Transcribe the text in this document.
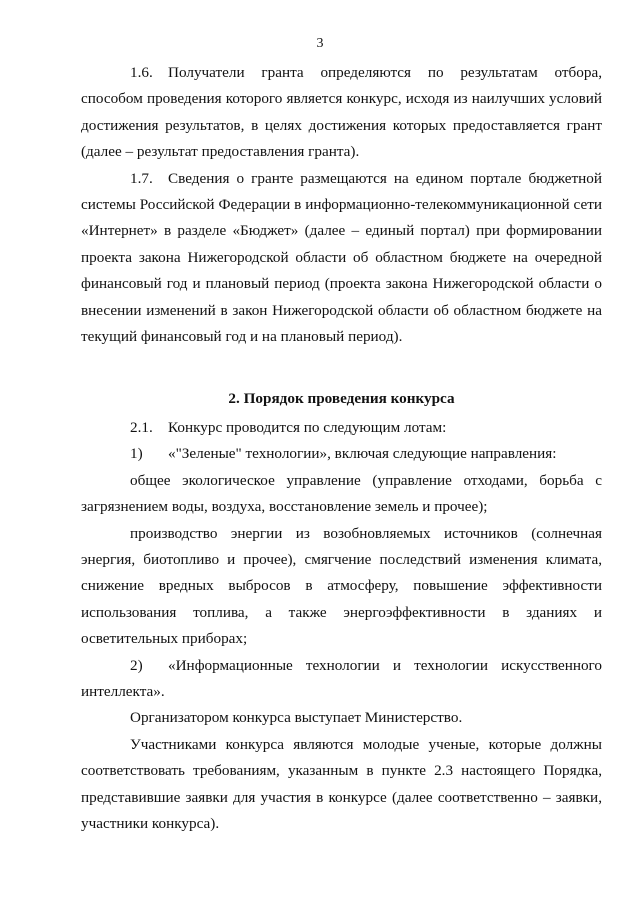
3

1.6. Получатели гранта определяются по результатам отбора, способом проведения которого является конкурс, исходя из наилучших условий достижения результатов, в целях достижения которых предоставляется грант (далее – результат предоставления гранта).

1.7. Сведения о гранте размещаются на едином портале бюджетной системы Российской Федерации в информационно-телекоммуникационной сети «Интернет» в разделе «Бюджет» (далее – единый портал) при формировании проекта закона Нижегородской области об областном бюджете на очередной финансовый год и плановый период (проекта закона Нижегородской области о внесении изменений в закон Нижегородской области об областном бюджете на текущий финансовый год и на плановый период).

2. Порядок проведения конкурса

2.1. Конкурс проводится по следующим лотам:

1) «"Зеленые" технологии», включая следующие направления:

общее экологическое управление (управление отходами, борьба с загрязнением воды, воздуха, восстановление земель и прочее);

производство энергии из возобновляемых источников (солнечная энергия, биотопливо и прочее), смягчение последствий изменения климата, снижение вредных выбросов в атмосферу, повышение эффективности использования топлива, а также энергоэффективности в зданиях и осветительных приборах;

2) «Информационные технологии и технологии искусственного интеллекта».

Организатором конкурса выступает Министерство.

Участниками конкурса являются молодые ученые, которые должны соответствовать требованиям, указанным в пункте 2.3 настоящего Порядка, представившие заявки для участия в конкурсе (далее соответственно – заявки, участники конкурса).
